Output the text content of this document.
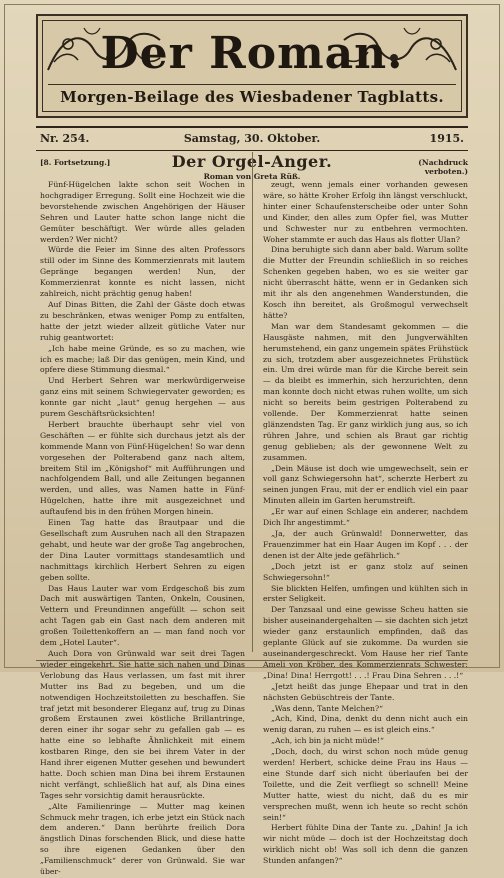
Der Roman.
Morgen-Beilage des Wiesbadener Tagblatts.
Nr. 254.	Samstag, 30. Oktober.	1915.
[8. Fortsetzung.]	(Nachdruck verboten.)
Der Orgel-Anger.
Roman von Greta Rüß.

Fünf-Hügelchen lakte schon seit Wochen in hochgradiger Erregung. Sollt eine Hochzeit wie die bevorstehende zwischen Angehörigen der Häuser Sehren und Lauter hatte schon lange nicht die Gemüter beschäftigt. Wer würde alles geladen werden? Wer nicht?

Würde die Feier im Sinne des alten Professors still oder im Sinne des Kommerzienrats mit lautem Gepränge begangen werden! Nun, der Kommerzienrat konnte es nicht lassen, nicht zahlreich, nicht prächtig genug haben!

Auf Dinas Bitten, die Zahl der Gäste doch etwas zu beschränken, etwas weniger Pomp zu entfalten, hatte der jetzt wieder allzeit gütliche Vater nur ruhig geantwortet:

„Ich habe meine Gründe, es so zu machen, wie ich es mache; laß Dir das genügen, mein Kind, und opfere diese Stimmung diesmal.“

Und Herbert Sehren war merkwürdigerweise ganz eins mit seinem Schwiegervater geworden; es konnte gar nicht „laut“ genug hergehen — aus purem Geschäftsrücksichten!

Herbert brauchte überhaupt sehr viel von Geschäften — er fühlte sich durchaus jetzt als der kommende Mann von Fünf-Hügelchen! So war denn vorgesehen der Polterabend ganz nach altem, breitem Stil im „Königshof“ mit Aufführungen und nachfolgendem Ball, und alle Zeitungen begannen werden, und alles, was Namen hatte in Fünf-Hügelchen, hatte ihre mit ausgezeichnet und auftaufend bis in den frühen Morgen hinein.

Einen Tag hatte das Brautpaar und die Gesellschaft zum Ausruhen nach all den Strapazen gehabt, und heute war der große Tag angebrochen, der Dina Lauter vormittags standesamtlich und nachmittags kirchlich Herbert Sehren zu eigen geben sollte.

Das Haus Lauter war vom Erdgeschoß bis zum Dach mit auswärtigen Tanten, Onkeln, Cousinen, Vettern und Freundinnen angefüllt — schon seit acht Tagen gab ein Gast nach dem anderen mit großen Toilettenkoffern an — man fand noch vor dem „Hotel Lauter“.

Auch Dora von Grünwald war seit drei Tagen wieder eingekehrt. Sie hatte sich nahen und Dinas Verlobung das Haus verlassen, um fast mit ihrer Mutter ins Bad zu begeben, und um die notwendigen Hochzeitstoiletten zu beschaffen. Sie traf jetzt mit besonderer Eleganz auf, trug zu Dinas großem Erstaunen zwei köstliche Brillantringe, deren einer ihr sogar sehr zu gefallen gab — es hatte eine so lebhafte Ähnlichkeit mit einem kostbaren Ringe, den sie bei ihrem Vater in der Hand ihrer eigenen Mutter gesehen und bewundert hatte. Doch schien man Dina bei ihrem Erstaunen nicht verfängt, schließlich hat auf, als Dina eines Tages sehr vorsichtig damit herausrückte.

„Alte Familienringe — Mutter mag keinen Schmuck mehr tragen, ich erbe jetzt ein Stück nach dem anderen.“ Dann berührte freilich Dora ängstlich Dinas forschenden Blick, und diese hatte so ihre eigenen Gedanken über den „Familienschmuck“ derer von Grünwald. Sie war über-

zeugt, wenn jemals einer vorhanden gewesen wäre, so hätte Kroher Erfolg ihn längst verschluckt, hinter einer Schaufensterscheibe oder unter Sohn und Kinder, den alles zum Opfer fiel, was Mutter und Schwester nur zu entbehren vermochten. Woher stammte er auch das Haus als flotter Ulan?

Dina beruhigte sich dann aber bald. Warum sollte die Mutter der Freundin schließlich in so reiches Schenken gegeben haben, wo es sie weiter gar nicht überrascht hätte, wenn er in Gedanken sich mit ihr als den angenehmen Wanderstunden, die Kosch ihn bereitet, als Großmogul verwechselt hätte?

Man war dem Standesamt gekommen — die Hausgäste nahmen, mit den Jungverwählten herumstehend, ein ganz ungemein spätes Frühstück zu sich, trotzdem aber ausgezeichnetes Frühstück ein. Um drei würde man für die Kirche bereit sein — da bleibt es immerhin, sich herzurichten, denn man konnte doch nicht etwas ruhen wollte, um sich nicht so bereits beim gestrigen Polterabend zu vollende. Der Kommerzienrat hatte seinen glänzendsten Tag. Er ganz wirklich jung aus, so ich rühren Jahre, und schien als Braut gar richtig genug geblieben; als der gewonnene Welt zu zusammen.

„Dein Mäuse ist doch wie umgewechselt, sein er voll ganz Schwiegersohn hat“, scherzte Herbert zu seinen jungen Frau, mit der er endlich viel ein paar Minuten allein im Garten herumstreift.

„Er war auf einen Schlage ein anderer, nachdem Dich Ihr angestimmt.“

„Ja, der auch Grünwald! Donnerwetter, das Frauenzimmer hat ein Haar Augen im Kopf . . . der denen ist der Alte jede gefährlich.“

„Doch jetzt ist er ganz stolz auf seinen Schwiegersohn!“

Sie blickten Helfen, umfingen und kühlten sich in erster Seligkeit.

Der Tanzsaal und eine gewisse Scheu hatten sie bisher auseinandergehalten — sie dachten sich jetzt wieder ganz erstaunlich empfinden, daß das geplante Glück auf sie zukomme. Da wurden sie auseinandergeschreckt. Vom Hause her rief Tante Ameli von Kröber, des Kommerzienrats Schwester: „Dina! Dina! Herrgott! . . .! Frau Dina Sehren . . .!“

„Jetzt heißt das junge Ehepaar und trat in den nächsten Gebüschtreis der Tante.

„Was denn, Tante Melchen?“

„Ach, Kind, Dina, denkt du denn nicht auch ein wenig daran, zu ruhen — es ist gleich eins.“

„Ach, ich bin ja nicht müde!“

„Doch, doch, du wirst schon noch müde genug werden! Herbert, schicke deine Frau ins Haus — eine Stunde darf sich nicht überlaufen bei der Toilette, und die Zeit verfliegt so schnell! Meine Mutter hatte, wiest du nicht, daß du es mir versprechen mußt, wenn ich heute so recht schön sein!“

Herbert fühlte Dina der Tante zu. „Dahin! Ja ich wir nicht müde — doch ist der Hochzeitstag doch wirklich nicht ob! Was soll ich denn die ganzen Stunden anfangen?“
